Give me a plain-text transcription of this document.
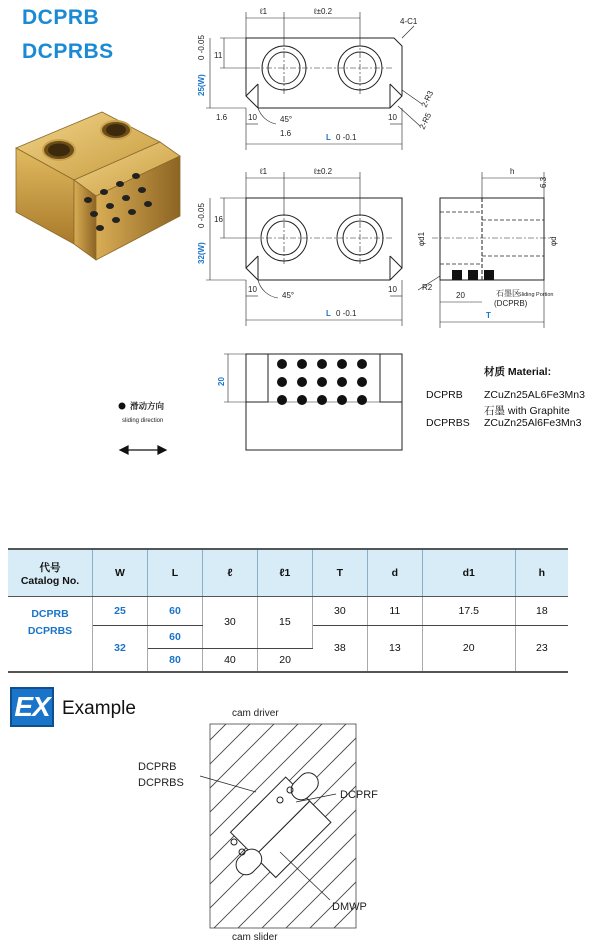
DCPRB
DCPRBS
ℓ1	ℓ±0.2
4-C1
11
25(W)
0 -0.05
2-R3
2-R5
10	10
45°
1.6
1.6	L 0 -0.1
ℓ1	ℓ±0.2
16
32(W)
0 -0.05
10	10
45°
L 0 -0.1
h
6.3
φd1	φd
R2
20	石墨区
Sliding Portion
(DCPRB)
T
20
滑动方向
sliding direction
材质 Material:
DCPRB ZCuZn25AL6Fe3Mn3
石墨 with Graphite
DCPRBS ZCuZn25Al6Fe3Mn3
代号
Catalog No.	W	L	ℓ	ℓ1	T	d	d1	h
DCPRB	25	60	30	15	30	11	17.5	18
DCPRBS	32	60			38	13	20	23
		80	40	20				
EX Example	cam driver
cam slider
DCPRB
DCPRBS
DCPRF
DMWP
